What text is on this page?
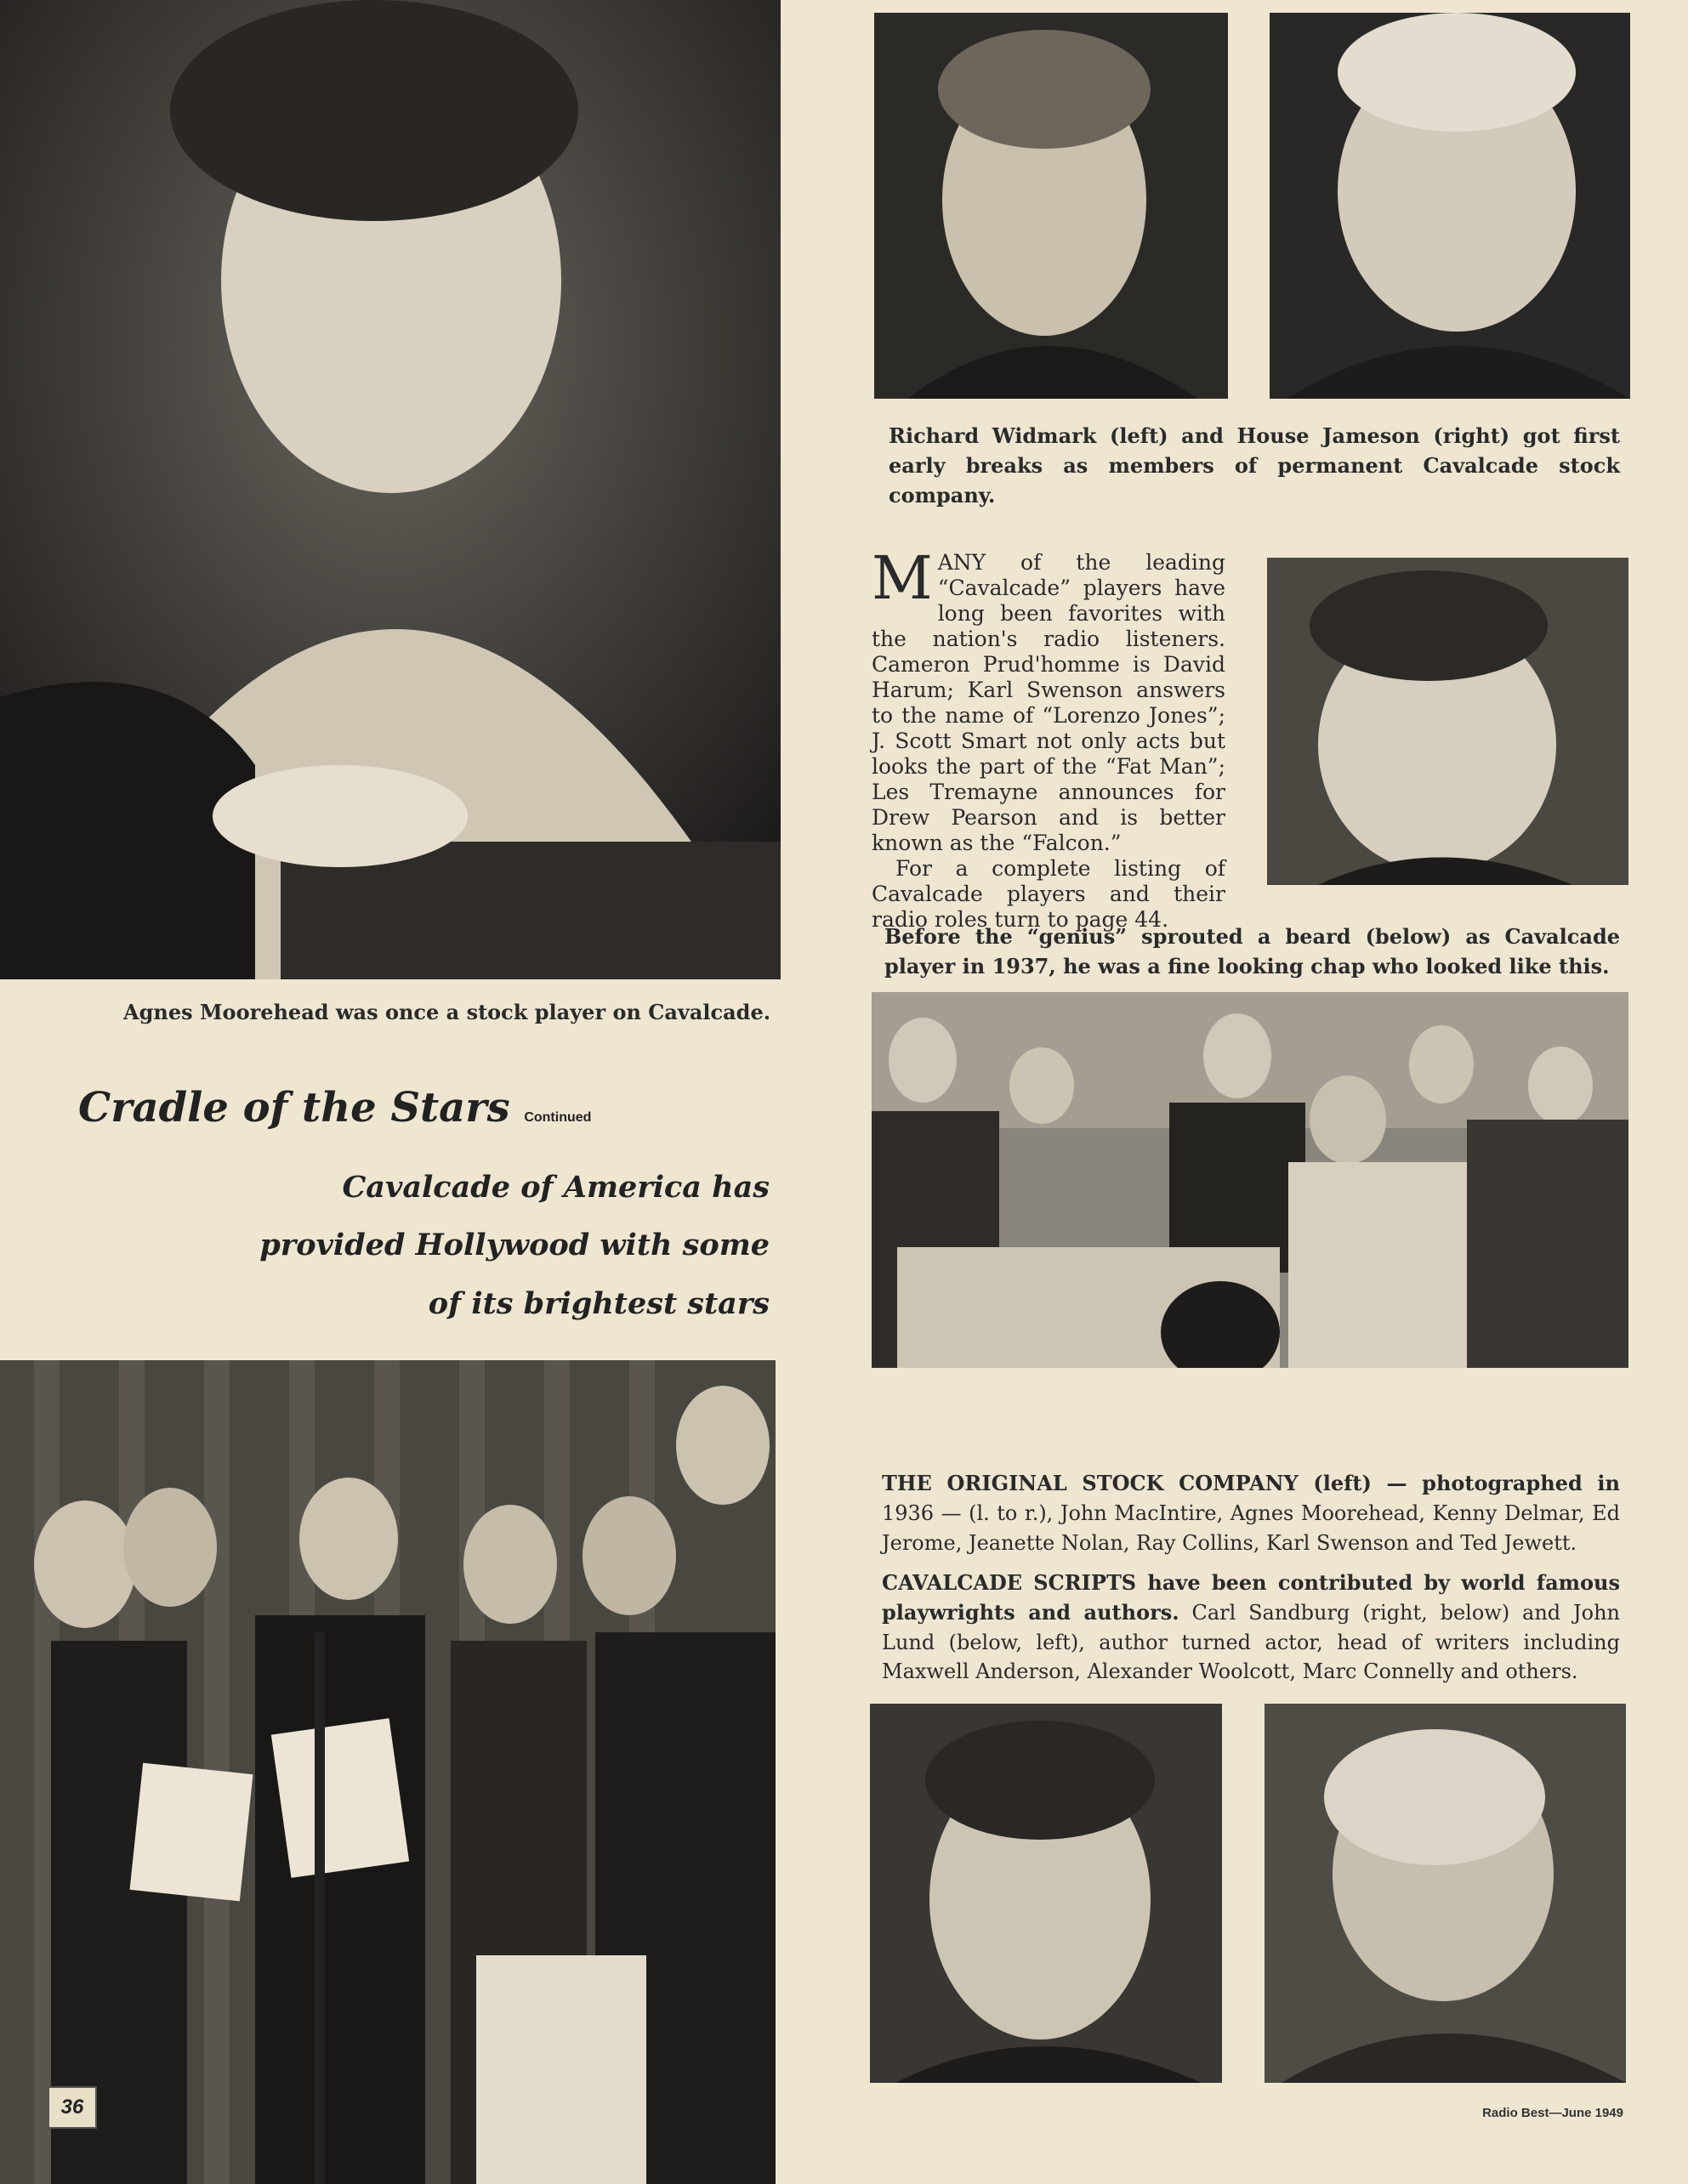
Agnes Moorehead was once a stock player on Cavalcade.
Cradle of the Stars Continued
Cavalcade of America has
provided Hollywood with some
of its brightest stars
36
Richard Widmark (left) and House Jameson (right) got first early breaks as members of permanent Cavalcade stock company.
M ANY of the leading “Cavalcade” players have long been favorites with the nation's radio listeners. Cameron Prud'homme is David Harum; Karl Swenson answers to the name of “Lorenzo Jones”; J. Scott Smart not only acts but looks the part of the “Fat Man”; Les Tremayne announces for Drew Pearson and is better known as the “Falcon.”
For a complete listing of Cavalcade players and their radio roles turn to page 44.
Before the “genius” sprouted a beard (below) as Cavalcade player in 1937, he was a fine looking chap who looked like this.
THE ORIGINAL STOCK COMPANY (left) — photographed in 1936 — (l. to r.), John MacIntire, Agnes Moorehead, Kenny Delmar, Ed Jerome, Jeanette Nolan, Ray Collins, Karl Swenson and Ted Jewett.
CAVALCADE SCRIPTS have been contributed by world famous playwrights and authors. Carl Sandburg (right, below) and John Lund (below, left), author turned actor, head of writers including Maxwell Anderson, Alexander Woolcott, Marc Connelly and others.
Radio Best—June 1949
